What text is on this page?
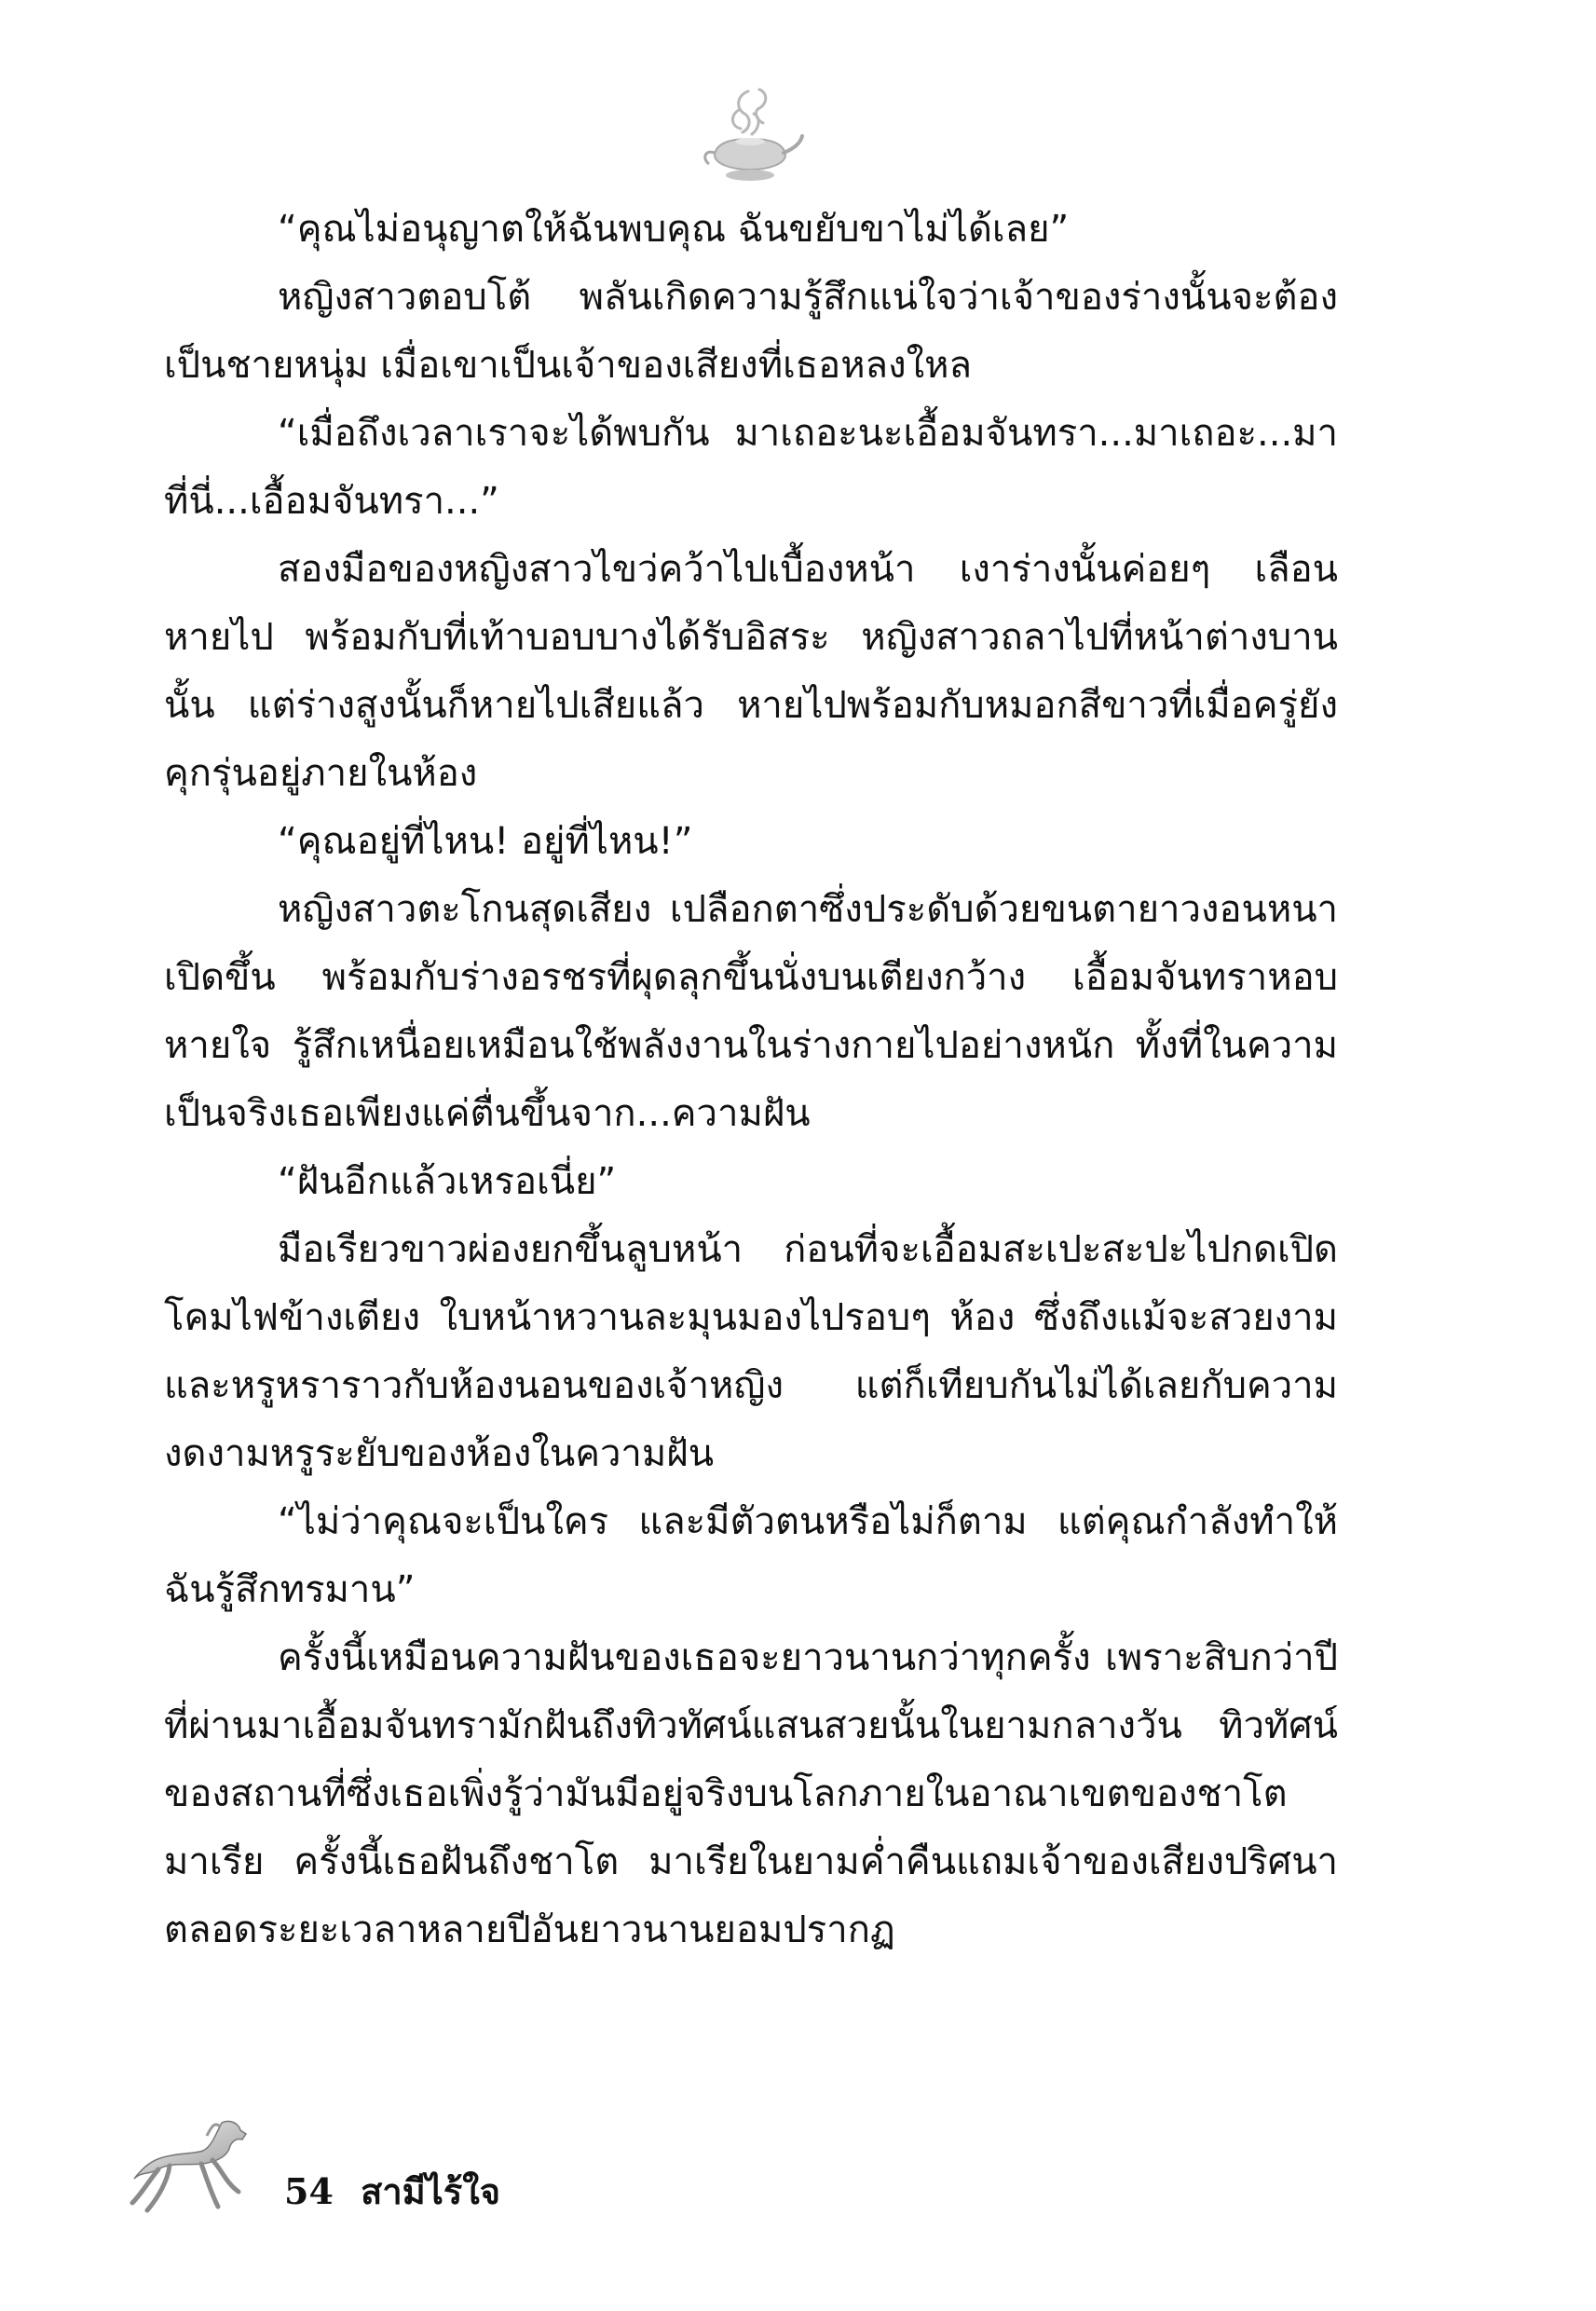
“คุณไม่อนุญาตให้ฉันพบคุณ ฉันขยับขาไม่ได้เลย”

หญิงสาวตอบโต้ พลันเกิดความรู้สึกแน่ใจว่าเจ้าของร่างนั้นจะต้องเป็นชายหนุ่ม เมื่อเขาเป็นเจ้าของเสียงที่เธอหลงใหล

“เมื่อถึงเวลาเราจะได้พบกัน มาเถอะนะเอื้อมจันทรา...มาเถอะ...มาที่นี่...เอื้อมจันทรา...”

สองมือของหญิงสาวไขว่คว้าไปเบื้องหน้า เงาร่างนั้นค่อยๆ เลือนหายไป พร้อมกับที่เท้าบอบบางได้รับอิสระ หญิงสาวถลาไปที่หน้าต่างบานนั้น แต่ร่างสูงนั้นก็หายไปเสียแล้ว หายไปพร้อมกับหมอกสีขาวที่เมื่อครู่ยังคุกรุ่นอยู่ภายในห้อง

“คุณอยู่ที่ไหน! อยู่ที่ไหน!”

หญิงสาวตะโกนสุดเสียง เปลือกตาซึ่งประดับด้วยขนตายาวงอนหนาเปิดขึ้น พร้อมกับร่างอรชรที่ผุดลุกขึ้นนั่งบนเตียงกว้าง เอื้อมจันทราหอบหายใจ รู้สึกเหนื่อยเหมือนใช้พลังงานในร่างกายไปอย่างหนัก ทั้งที่ในความเป็นจริงเธอเพียงแค่ตื่นขึ้นจาก...ความฝัน

“ฝันอีกแล้วเหรอเนี่ย”

มือเรียวขาวผ่องยกขึ้นลูบหน้า ก่อนที่จะเอื้อมสะเปะสะปะไปกดเปิดโคมไฟข้างเตียง ใบหน้าหวานละมุนมองไปรอบๆ ห้อง ซึ่งถึงแม้จะสวยงามและหรูหราราวกับห้องนอนของเจ้าหญิง แต่ก็เทียบกันไม่ได้เลยกับความงดงามหรูระยับของห้องในความฝัน

“ไม่ว่าคุณจะเป็นใคร และมีตัวตนหรือไม่ก็ตาม แต่คุณกำลังทำให้ฉันรู้สึกทรมาน”

ครั้งนี้เหมือนความฝันของเธอจะยาวนานกว่าทุกครั้ง เพราะสิบกว่าปีที่ผ่านมาเอื้อมจันทรามักฝันถึงทิวทัศน์แสนสวยนั้นในยามกลางวัน ทิวทัศน์ของสถานที่ซึ่งเธอเพิ่งรู้ว่ามันมีอยู่จริงบนโลกภายในอาณาเขตของชาโต มาเรีย ครั้งนี้เธอฝันถึงชาโต มาเรียในยามค่ำคืนแถมเจ้าของเสียงปริศนาตลอดระยะเวลาหลายปีอันยาวนานยอมปรากฏ

54 สามีไร้ใจ
